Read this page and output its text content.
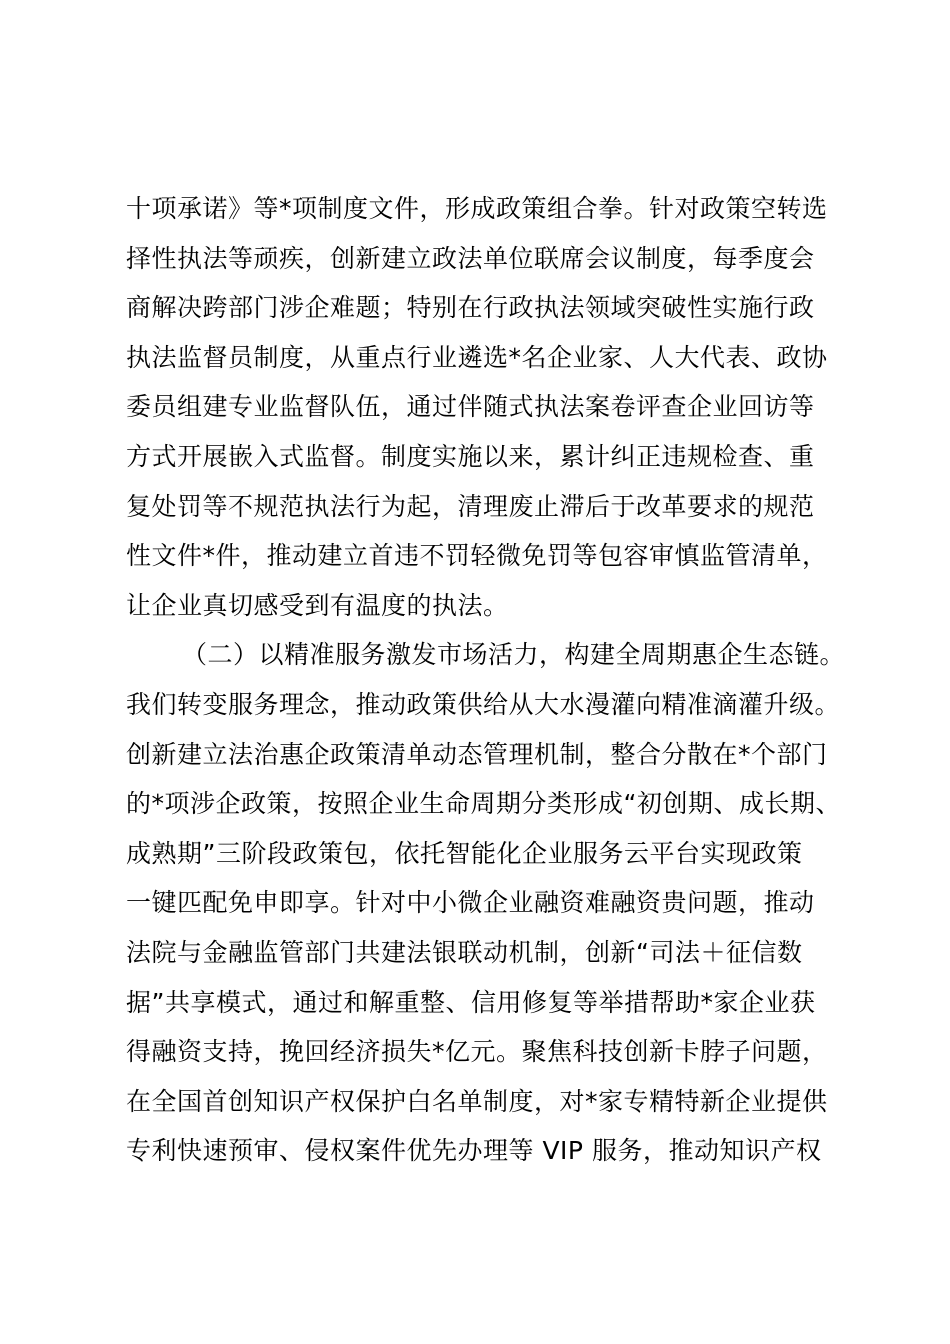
十项承诺》等*项制度文件，形成政策组合拳。针对政策空转选
择性执法等顽疾，创新建立政法单位联席会议制度，每季度会
商解决跨部门涉企难题；特别在行政执法领域突破性实施行政
执法监督员制度，从重点行业遴选*名企业家、人大代表、政协
委员组建专业监督队伍，通过伴随式执法案卷评查企业回访等
方式开展嵌入式监督。制度实施以来，累计纠正违规检查、重
复处罚等不规范执法行为起，清理废止滞后于改革要求的规范
性文件*件，推动建立首违不罚轻微免罚等包容审慎监管清单，
让企业真切感受到有温度的执法。
（二）以精准服务激发市场活力，构建全周期惠企生态链。
我们转变服务理念，推动政策供给从大水漫灌向精准滴灌升级。
创新建立法治惠企政策清单动态管理机制，整合分散在*个部门
的*项涉企政策，按照企业生命周期分类形成“初创期、成长期、
成熟期”三阶段政策包，依托智能化企业服务云平台实现政策
一键匹配免申即享。针对中小微企业融资难融资贵问题，推动
法院与金融监管部门共建法银联动机制，创新“司法＋征信数
据”共享模式，通过和解重整、信用修复等举措帮助*家企业获
得融资支持，挽回经济损失*亿元。聚焦科技创新卡脖子问题，
在全国首创知识产权保护白名单制度，对*家专精特新企业提供
专利快速预审、侵权案件优先办理等 VIP 服务，推动知识产权
